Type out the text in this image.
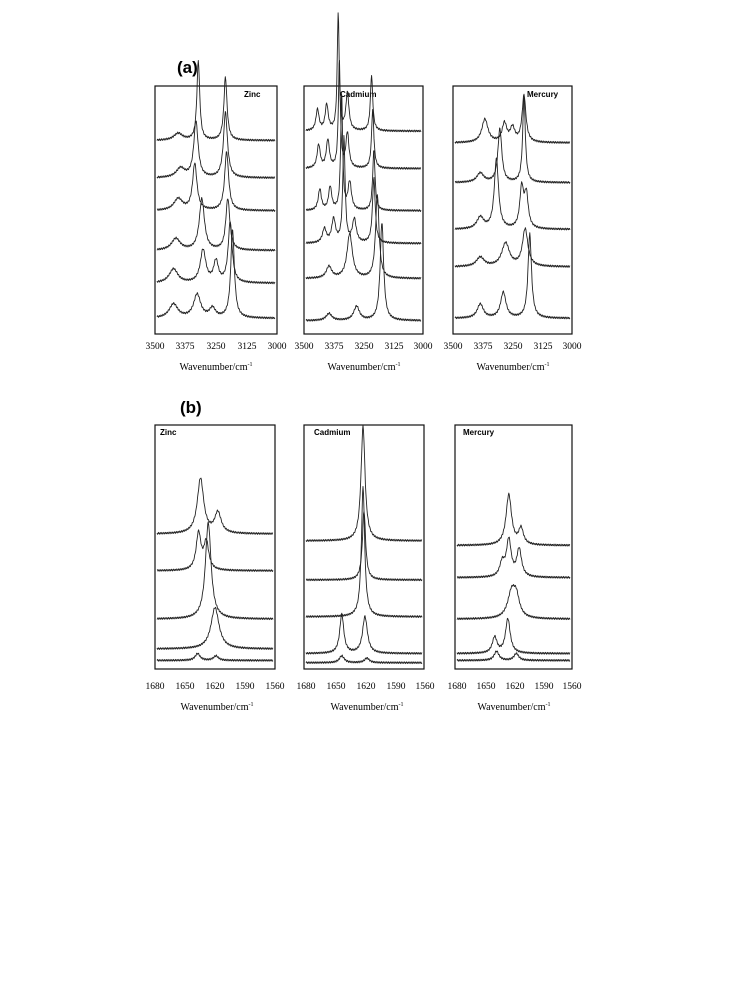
(a)
Zinc	Cadmium	Mercury
3500 3375 3250 3125 3000 3500 3375 3250 3125 3000 3500 3375 3250 3125 3000
Wavenumber/$cm^{-1}$	Wavenumber/$cm^{-1}$	Wavenumber/$cm^{-1}$
(b)
Zinc	Cadmium	Mercury
1680 1650 1620 1590 1560 1680 1650 1620 1590 1560 1680 1650 1620 1590 1560
Wavenumber/$cm^{-1}$	Wavenumber/$cm^{-1}$	Wavenumber/$cm^{-1}$
